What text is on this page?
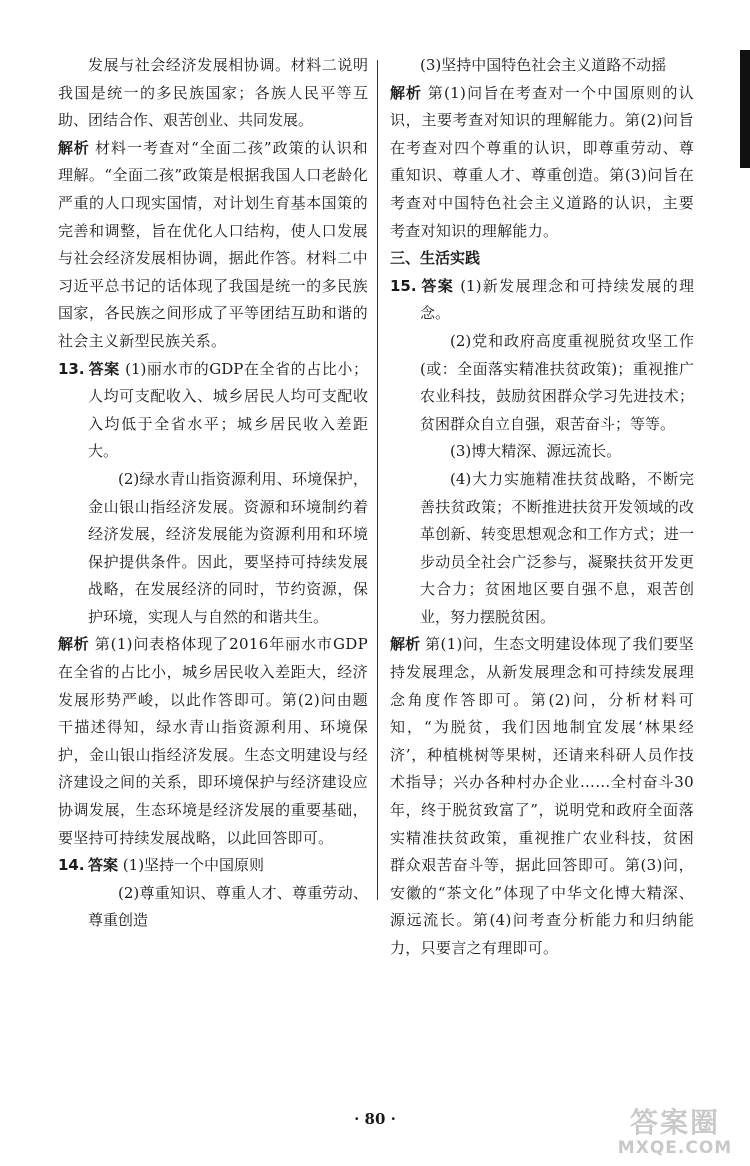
发展与社会经济发展相协调。材料二说明我国是统一的多民族国家；各族人民平等互助、团结合作、艰苦创业、共同发展。

解析 材料一考查对“全面二孩”政策的认识和理解。“全面二孩”政策是根据我国人口老龄化严重的人口现实国情，对计划生育基本国策的完善和调整，旨在优化人口结构，使人口发展与社会经济发展相协调，据此作答。材料二中习近平总书记的话体现了我国是统一的多民族国家，各民族之间形成了平等团结互助和谐的社会主义新型民族关系。

13. 答案 (1)丽水市的GDP在全省的占比小；人均可支配收入、城乡居民人均可支配收入均低于全省水平；城乡居民收入差距大。

(2)绿水青山指资源利用、环境保护，金山银山指经济发展。资源和环境制约着经济发展，经济发展能为资源利用和环境保护提供条件。因此，要坚持可持续发展战略，在发展经济的同时，节约资源，保护环境，实现人与自然的和谐共生。

解析 第(1)问表格体现了2016年丽水市GDP在全省的占比小，城乡居民收入差距大，经济发展形势严峻，以此作答即可。第(2)问由题干描述得知，绿水青山指资源利用、环境保护，金山银山指经济发展。生态文明建设与经济建设之间的关系，即环境保护与经济建设应协调发展，生态环境是经济发展的重要基础，要坚持可持续发展战略，以此回答即可。

14. 答案 (1)坚持一个中国原则

(2)尊重知识、尊重人才、尊重劳动、尊重创造

(3)坚持中国特色社会主义道路不动摇

解析 第(1)问旨在考查对一个中国原则的认识，主要考查对知识的理解能力。第(2)问旨在考查对四个尊重的认识，即尊重劳动、尊重知识、尊重人才、尊重创造。第(3)问旨在考查对中国特色社会主义道路的认识，主要考查对知识的理解能力。

三、生活实践

15. 答案 (1)新发展理念和可持续发展的理念。

(2)党和政府高度重视脱贫攻坚工作(或：全面落实精准扶贫政策)；重视推广农业科技，鼓励贫困群众学习先进技术；贫困群众自立自强，艰苦奋斗；等等。

(3)博大精深、源远流长。

(4)大力实施精准扶贫战略，不断完善扶贫政策；不断推进扶贫开发领域的改革创新、转变思想观念和工作方式；进一步动员全社会广泛参与，凝聚扶贫开发更大合力；贫困地区要自强不息，艰苦创业，努力摆脱贫困。

解析 第(1)问，生态文明建设体现了我们要坚持发展理念，从新发展理念和可持续发展理念角度作答即可。第(2)问，分析材料可知，“为脱贫，我们因地制宜发展‘林果经济’，种植桃树等果树，还请来科研人员作技术指导；兴办各种村办企业……全村奋斗30年，终于脱贫致富了”，说明党和政府全面落实精准扶贫政策，重视推广农业科技，贫困群众艰苦奋斗等，据此回答即可。第(3)问，安徽的“茶文化”体现了中华文化博大精深、源远流长。第(4)问考查分析能力和归纳能力，只要言之有理即可。

· 80 ·	答案圈
MXQE.COM
